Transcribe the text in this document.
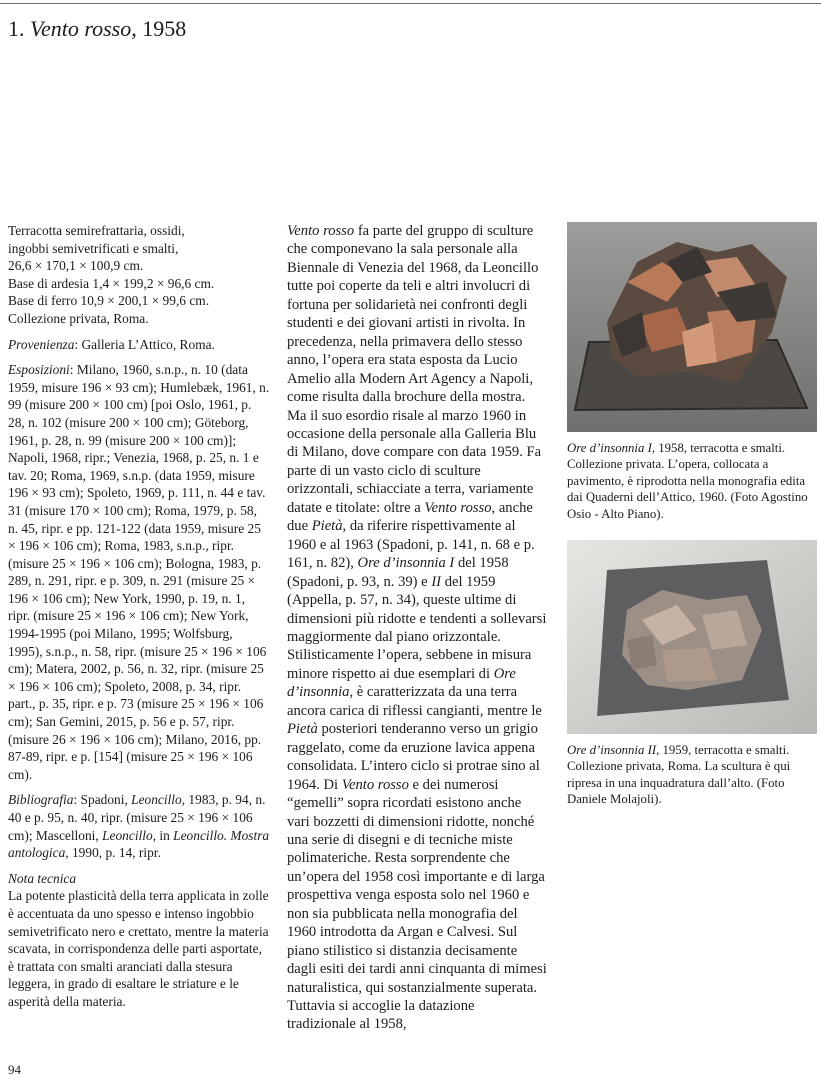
1. Vento rosso, 1958
Terracotta semirefrattaria, ossidi,
ingobbi semivetrificati e smalti,
26,6 × 170,1 × 100,9 cm.
Base di ardesia 1,4 × 199,2 × 96,6 cm.
Base di ferro 10,9 × 200,1 × 99,6 cm.
Collezione privata, Roma.

Provenienza: Galleria L’Attico, Roma.

Esposizioni: Milano, 1960, s.n.p., n. 10 (data 1959, misure 196 × 93 cm); Humlebæk, 1961, n. 99 (misure 200 × 100 cm) [poi Oslo, 1961, p. 28, n. 102 (misure 200 × 100 cm); Göteborg, 1961, p. 28, n. 99 (misure 200 × 100 cm)]; Napoli, 1968, ripr.; Venezia, 1968, p. 25, n. 1 e tav. 20; Roma, 1969, s.n.p. (data 1959, misure 196 × 93 cm); Spoleto, 1969, p. 111, n. 44 e tav. 31 (misure 170 × 100 cm); Roma, 1979, p. 58, n. 45, ripr. e pp. 121-122 (data 1959, misure 25 × 196 × 106 cm); Roma, 1983, s.n.p., ripr. (misure 25 × 196 × 106 cm); Bologna, 1983, p. 289, n. 291, ripr. e p. 309, n. 291 (misure 25 × 196 × 106 cm); New York, 1990, p. 19, n. 1, ripr. (misure 25 × 196 × 106 cm); New York, 1994-1995 (poi Milano, 1995; Wolfsburg, 1995), s.n.p., n. 58, ripr. (misure 25 × 196 × 106 cm); Matera, 2002, p. 56, n. 32, ripr. (misure 25 × 196 × 106 cm); Spoleto, 2008, p. 34, ripr. part., p. 35, ripr. e p. 73 (misure 25 × 196 × 106 cm); San Gemini, 2015, p. 56 e p. 57, ripr. (misure 26 × 196 × 106 cm); Milano, 2016, pp. 87-89, ripr. e p. [154] (misure 25 × 196 × 106 cm).

Bibliografia: Spadoni, Leoncillo, 1983, p. 94, n. 40 e p. 95, n. 40, ripr. (misure 25 × 196 × 106 cm); Mascelloni, Leoncillo, in Leoncillo. Mostra antologica, 1990, p. 14, ripr.

Nota tecnica
La potente plasticità della terra applicata in zolle è accentuata da uno spesso e intenso ingobbio semivetrificato nero e crettato, mentre la materia scavata, in corrispondenza delle parti asportate, è trattata con smalti aranciati dalla stesura leggera, in grado di esaltare le striature e le asperità della materia.

Vento rosso fa parte del gruppo di sculture che componevano la sala personale alla Biennale di Venezia del 1968, da Leoncillo tutte poi coperte da teli e altri involucri di fortuna per solidarietà nei confronti degli studenti e dei giovani artisti in rivolta. In precedenza, nella primavera dello stesso anno, l’opera era stata esposta da Lucio Amelio alla Modern Art Agency a Napoli, come risulta dalla brochure della mostra. Ma il suo esordio risale al marzo 1960 in occasione della personale alla Galleria Blu di Milano, dove compare con data 1959. Fa parte di un vasto ciclo di sculture orizzontali, schiacciate a terra, variamente datate e titolate: oltre a Vento rosso, anche due Pietà, da riferire rispettivamente al 1960 e al 1963 (Spadoni, p. 141, n. 68 e p. 161, n. 82), Ore d’insonnia I del 1958 (Spadoni, p. 93, n. 39) e II del 1959 (Appella, p. 57, n. 34), queste ultime di dimensioni più ridotte e tendenti a sollevarsi maggiormente dal piano orizzontale. Stilisticamente l’opera, sebbene in misura minore rispetto ai due esemplari di Ore d’insonnia, è caratterizzata da una terra ancora carica di riflessi cangianti, mentre le Pietà posteriori tenderanno verso un grigio raggelato, come da eruzione lavica appena consolidata. L’intero ciclo si protrae sino al 1964. Di Vento rosso e dei numerosi “gemelli” sopra ricordati esistono anche vari bozzetti di dimensioni ridotte, nonché una serie di disegni e di tecniche miste polimateriche. Resta sorprendente che un’opera del 1958 così importante e di larga prospettiva venga esposta solo nel 1960 e non sia pubblicata nella monografia del 1960 introdotta da Argan e Calvesi. Sul piano stilistico si distanzia decisamente dagli esiti dei tardi anni cinquanta di mimesi naturalistica, qui sostanzialmente superata. Tuttavia si accoglie la datazione tradizionale al 1958,

Ore d’insonnia I, 1958, terracotta e smalti. Collezione privata. L’opera, collocata a pavimento, è riprodotta nella monografia edita dai Quaderni dell’Attico, 1960. (Foto Agostino Osio - Alto Piano).
Ore d’insonnia II, 1959, terracotta e smalti. Collezione privata, Roma. La scultura è qui ripresa in una inquadratura dall’alto. (Foto Daniele Molajoli).
94
